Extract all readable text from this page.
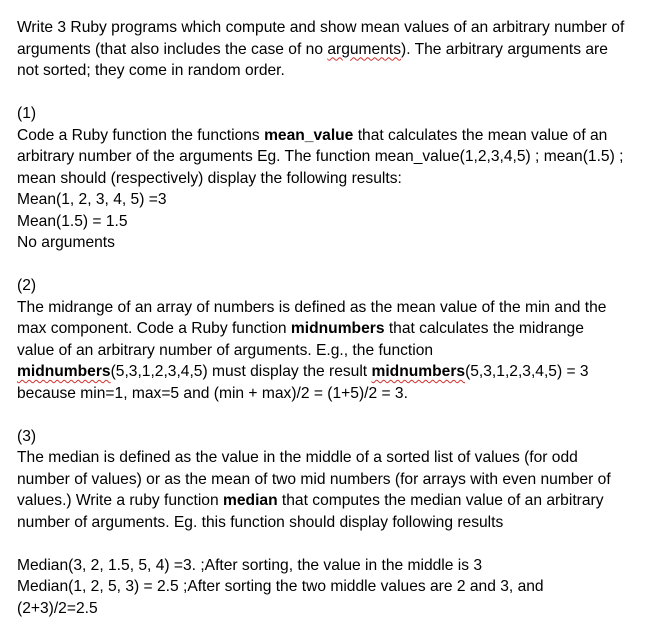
Write 3 Ruby programs which compute and show mean values of an arbitrary number of
arguments (that also includes the case of no arguments). The arbitrary arguments are
not sorted; they come in random order.
(1)
Code a Ruby function the functions mean_value that calculates the mean value of an
arbitrary number of the arguments Eg. The function mean_value(1,2,3,4,5) ; mean(1.5) ;
mean should (respectively) display the following results:
Mean(1, 2, 3, 4, 5) =3
Mean(1.5) = 1.5
No arguments
(2)
The midrange of an array of numbers is defined as the mean value of the min and the
max component. Code a Ruby function midnumbers that calculates the midrange
value of an arbitrary number of arguments. E.g., the function
midnumbers(5,3,1,2,3,4,5) must display the result midnumbers(5,3,1,2,3,4,5) = 3
because min=1, max=5 and (min + max)/2 = (1+5)/2 = 3.
(3)
The median is defined as the value in the middle of a sorted list of values (for odd
number of values) or as the mean of two mid numbers (for arrays with even number of
values.) Write a ruby function median that computes the median value of an arbitrary
number of arguments. Eg. this function should display following results
Median(3, 2, 1.5, 5, 4) =3. ;After sorting, the value in the middle is 3
Median(1, 2, 5, 3) = 2.5 ;After sorting the two middle values are 2 and 3, and
(2+3)/2=2.5
